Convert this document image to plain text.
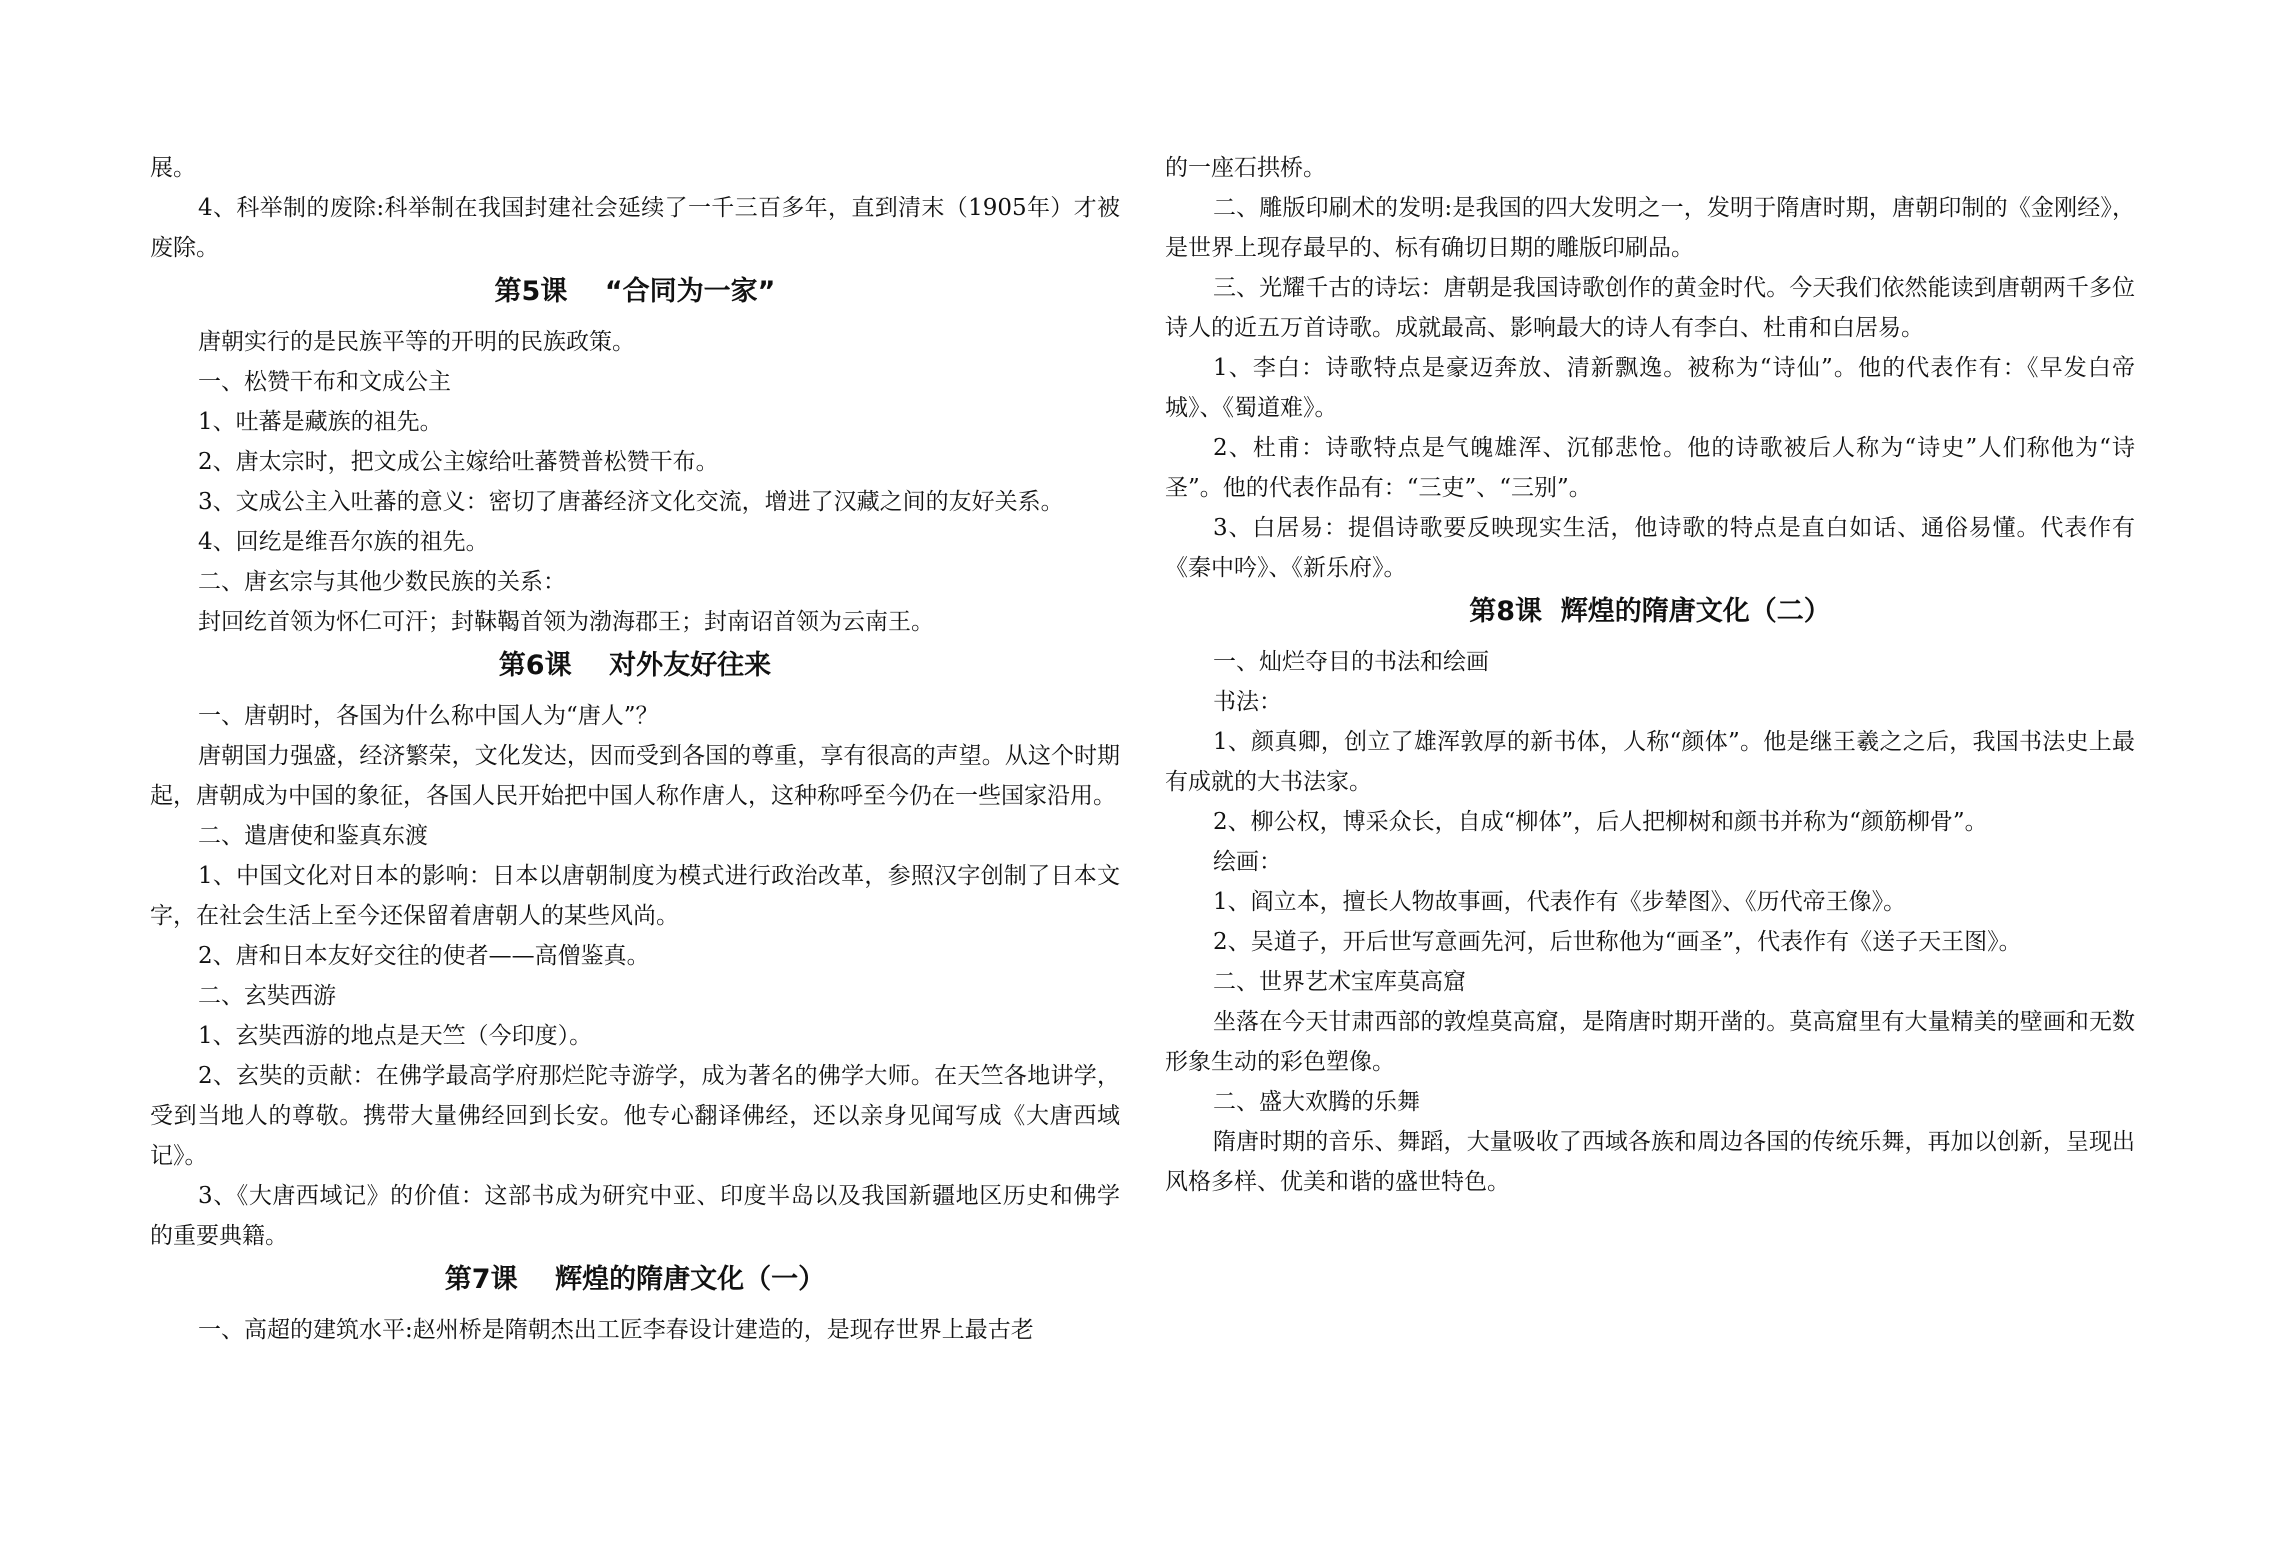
展。

4、科举制的废除:科举制在我国封建社会延续了一千三百多年，直到清末（1905年）才被废除。

第5课    “合同为一家”

唐朝实行的是民族平等的开明的民族政策。

一、松赞干布和文成公主

1、吐蕃是藏族的祖先。

2、唐太宗时，把文成公主嫁给吐蕃赞普松赞干布。

3、文成公主入吐蕃的意义：密切了唐蕃经济文化交流，增进了汉藏之间的友好关系。

4、回纥是维吾尔族的祖先。

二、唐玄宗与其他少数民族的关系：

封回纥首领为怀仁可汗；封靺鞨首领为渤海郡王；封南诏首领为云南王。

第6课    对外友好往来

一、唐朝时，各国为什么称中国人为“唐人”？

唐朝国力强盛，经济繁荣，文化发达，因而受到各国的尊重，享有很高的声望。从这个时期起，唐朝成为中国的象征，各国人民开始把中国人称作唐人，这种称呼至今仍在一些国家沿用。

二、遣唐使和鉴真东渡

1、中国文化对日本的影响：日本以唐朝制度为模式进行政治改革，参照汉字创制了日本文字，在社会生活上至今还保留着唐朝人的某些风尚。

2、唐和日本友好交往的使者——高僧鉴真。

二、玄奘西游

1、玄奘西游的地点是天竺（今印度）。

2、玄奘的贡献：在佛学最高学府那烂陀寺游学，成为著名的佛学大师。在天竺各地讲学，受到当地人的尊敬。携带大量佛经回到长安。他专心翻译佛经，还以亲身见闻写成《大唐西域记》。

3、《大唐西域记》的价值：这部书成为研究中亚、印度半岛以及我国新疆地区历史和佛学的重要典籍。

第7课    辉煌的隋唐文化（一）

一、高超的建筑水平:赵州桥是隋朝杰出工匠李春设计建造的，是现存世界上最古老

的一座石拱桥。

二、雕版印刷术的发明:是我国的四大发明之一，发明于隋唐时期，唐朝印制的《金刚经》，是世界上现存最早的、标有确切日期的雕版印刷品。

三、光耀千古的诗坛：唐朝是我国诗歌创作的黄金时代。今天我们依然能读到唐朝两千多位诗人的近五万首诗歌。成就最高、影响最大的诗人有李白、杜甫和白居易。

1、李白：诗歌特点是豪迈奔放、清新飘逸。被称为“诗仙”。他的代表作有：《早发白帝城》、《蜀道难》。

2、杜甫：诗歌特点是气魄雄浑、沉郁悲怆。他的诗歌被后人称为“诗史”人们称他为“诗圣”。他的代表作品有：“三吏”、“三别”。

3、白居易：提倡诗歌要反映现实生活，他诗歌的特点是直白如话、通俗易懂。代表作有《秦中吟》、《新乐府》。

第8课  辉煌的隋唐文化（二）

一、灿烂夺目的书法和绘画

书法：

1、颜真卿，创立了雄浑敦厚的新书体，人称“颜体”。他是继王羲之之后，我国书法史上最有成就的大书法家。

2、柳公权，博采众长，自成“柳体”，后人把柳树和颜书并称为“颜筋柳骨”。

绘画：

1、阎立本，擅长人物故事画，代表作有《步辇图》、《历代帝王像》。

2、吴道子，开后世写意画先河，后世称他为“画圣”，代表作有《送子天王图》。

二、世界艺术宝库莫高窟

坐落在今天甘肃西部的敦煌莫高窟，是隋唐时期开凿的。莫高窟里有大量精美的壁画和无数形象生动的彩色塑像。

二、盛大欢腾的乐舞

隋唐时期的音乐、舞蹈，大量吸收了西域各族和周边各国的传统乐舞，再加以创新，呈现出风格多样、优美和谐的盛世特色。
